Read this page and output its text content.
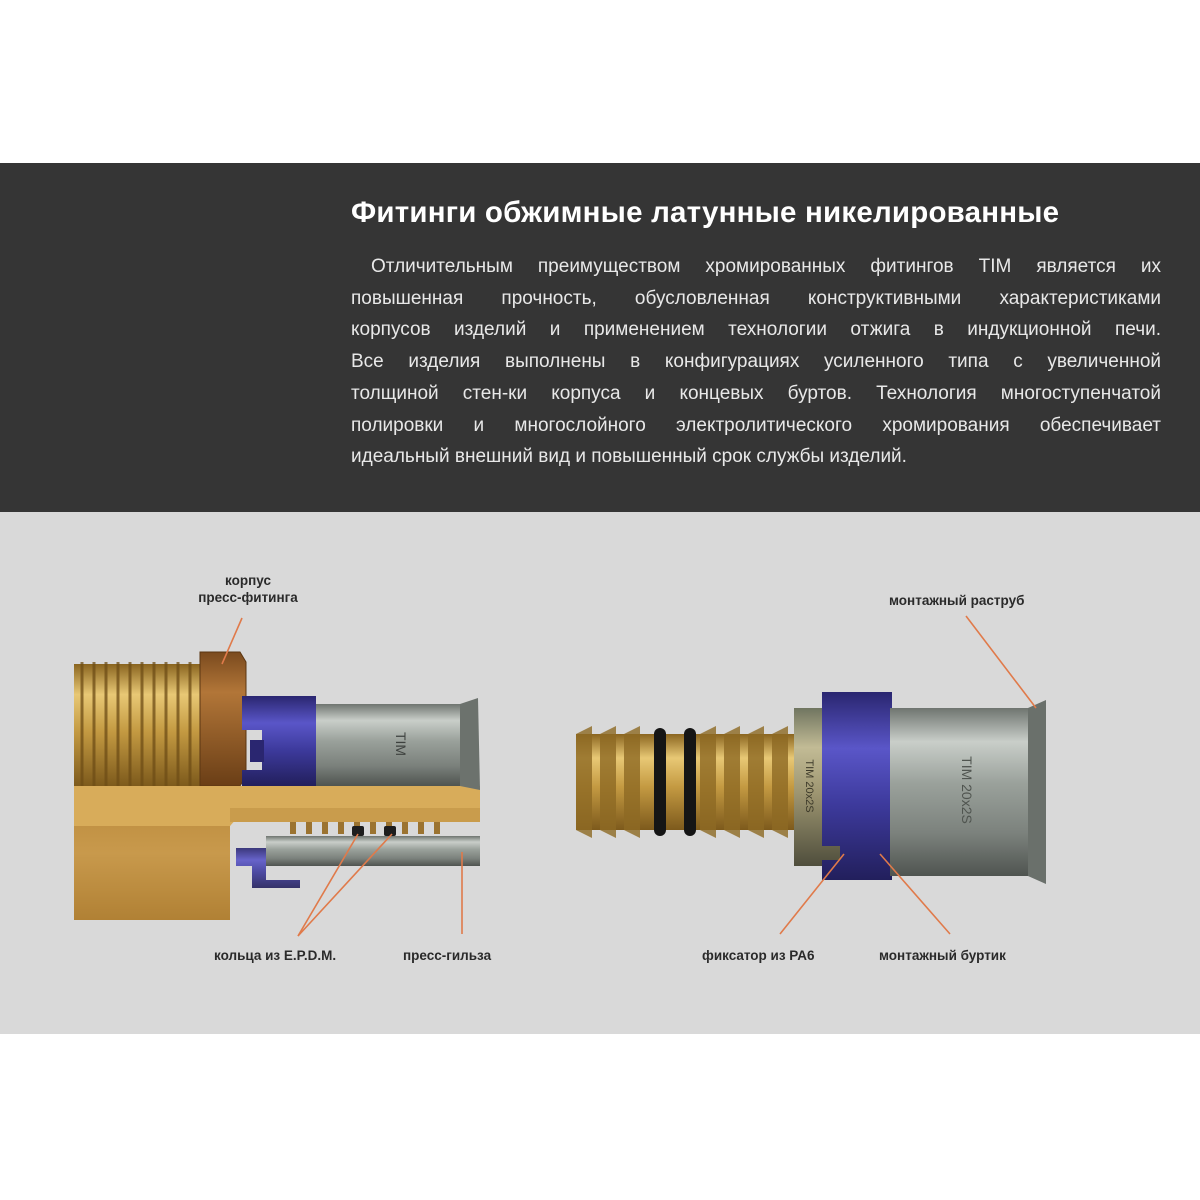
Фитинги обжимные латунные никелированные
Отличительным преимуществом хромированных фитингов TIM является их
повышенная прочность, обусловленная конструктивными характеристиками
корпусов изделий и применением технологии отжига в индукционной печи.
Все изделия выполнены в конфигурациях усиленного типа с увеличенной
толщиной стен-ки корпуса и концевых буртов. Технология многоступенчатой
полировки и многослойного электролитического хромирования обеспечивает
идеальный внешний вид и повышенный срок службы изделий.
TIM
TIM 20x2S	TIM 20x2S
корпус
пресс-фитинга
кольца из E.P.D.M.	пресс-гильза
монтажный раструб
фиксатор из PA6	монтажный буртик
